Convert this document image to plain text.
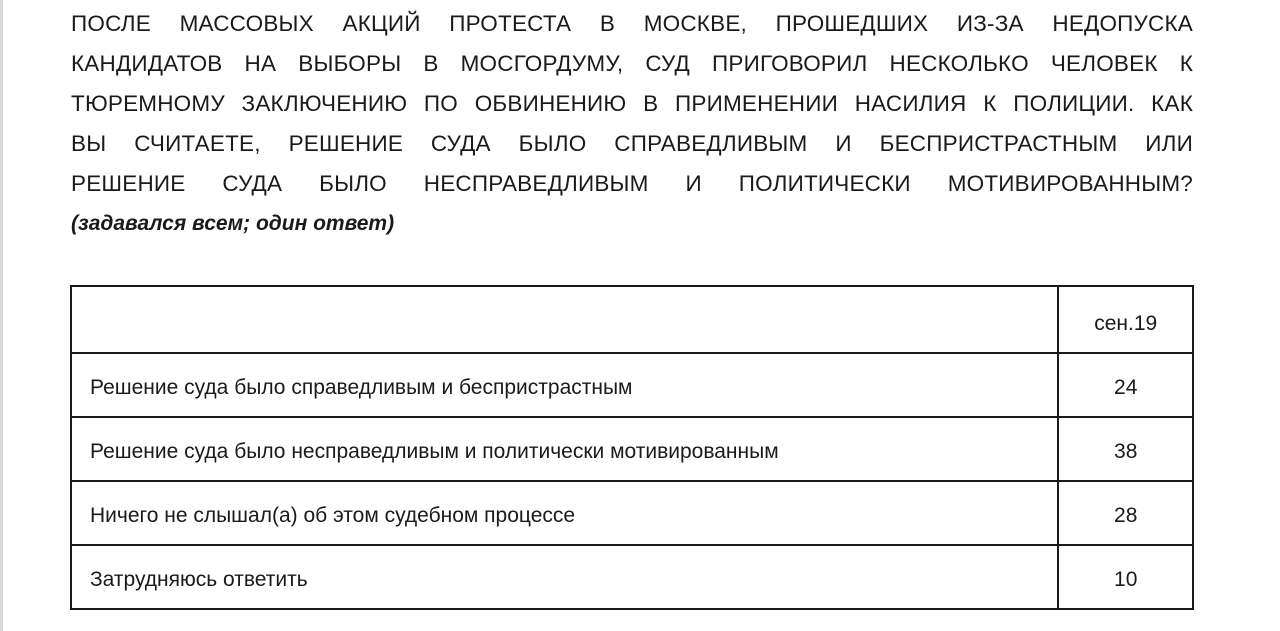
ПОСЛЕ МАССОВЫХ АКЦИЙ ПРОТЕСТА В МОСКВЕ, ПРОШЕДШИХ ИЗ-ЗА НЕДОПУСКА
КАНДИДАТОВ НА ВЫБОРЫ В МОСГОРДУМУ, СУД ПРИГОВОРИЛ НЕСКОЛЬКО ЧЕЛОВЕК К
ТЮРЕМНОМУ ЗАКЛЮЧЕНИЮ ПО ОБВИНЕНИЮ В ПРИМЕНЕНИИ НАСИЛИЯ К ПОЛИЦИИ. КАК
ВЫ СЧИТАЕТЕ, РЕШЕНИЕ СУДА БЫЛО СПРАВЕДЛИВЫМ И БЕСПРИСТРАСТНЫМ ИЛИ
РЕШЕНИЕ СУДА БЫЛО НЕСПРАВЕДЛИВЫМ И ПОЛИТИЧЕСКИ МОТИВИРОВАННЫМ?
(задавался всем; один ответ)
	сен.19
Решение суда было справедливым и беспристрастным	24
Решение суда было несправедливым и политически мотивированным	38
Ничего не слышал(а) об этом судебном процессе	28
Затрудняюсь ответить	10
